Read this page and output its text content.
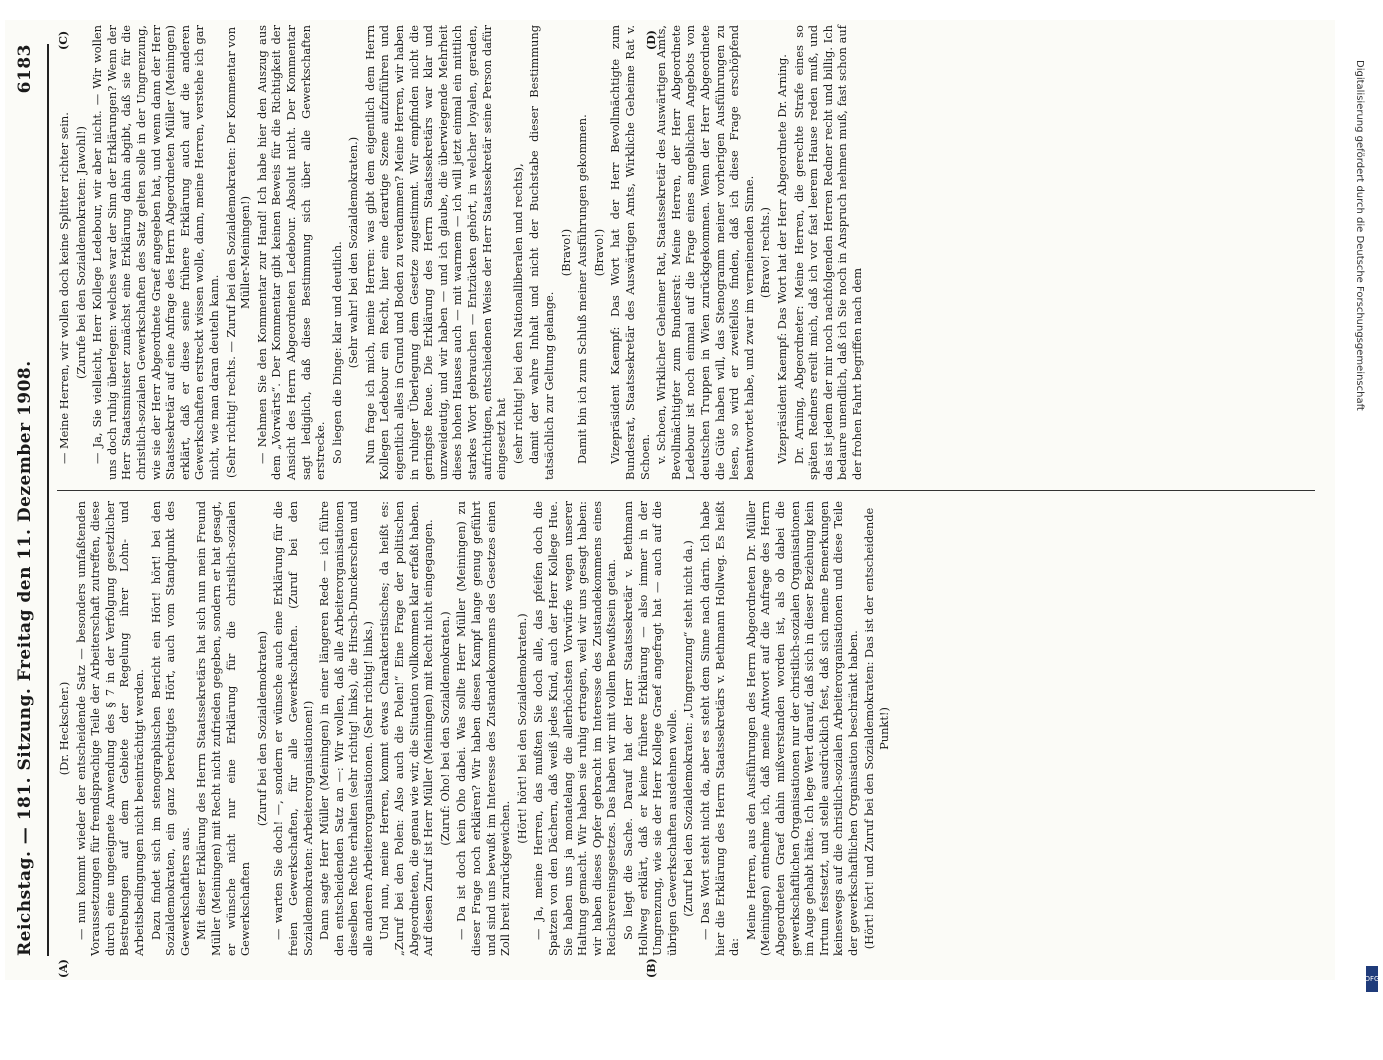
Reichstag. — 181. Sitzung. Freitag den 11. Dezember 1908.
6183

(Dr. Heckscher.) — nun kommt wieder der entscheidende Satz — besonders umfaßtenden Voraussetzungen für fremdsprachige Teile der Arbeiterschaft zutreffen, diese durch eine ungeeignete Anwendung des § 7 in der Verfolgung gesetzlicher Bestrebungen auf dem Gebiete der Regelung ihrer Lohn- und Arbeitsbedingungen nicht beeinträchtigt werden. Dazu findet sich im stenographischen Bericht ein Hört! hört! bei den Sozialdemokraten, ein ganz berechtigtes Hört, auch vom Standpunkt des Gewerkschaftlers aus. Mit dieser Erklärung des Herrn Staatssekretärs hat sich nun mein Freund Müller (Meiningen) mit Recht nicht zufrieden gegeben, sondern er hat gesagt, er wünsche nicht nur eine Erklärung für die christlich-sozialen Gewerkschaften

(Zuruf bei den Sozialdemokraten) — warten Sie doch! —, sondern er wünsche auch eine Erklärung für die freien Gewerkschaften, für alle Gewerkschaften. (Zuruf bei den Sozialdemokraten: Arbeiterorganisationen!) Dann sagte Herr Müller (Meiningen) in einer längeren Rede — ich führe den entscheidenden Satz an —: Wir wollen, daß alle Arbeiterorganisationen dieselben Rechte erhalten (sehr richtig! links), die Hirsch-Dunckerschen und alle anderen Arbeiterorganisationen. (Sehr richtig! links.) Und nun, meine Herren, kommt etwas Charakteristisches; da heißt es: „Zuruf bei den Polen: Also auch die Polen!“ Eine Frage der politischen Abgeordneten, die genau wie wir, die Situation vollkommen klar erfaßt haben. Auf diesen Zuruf ist Herr Müller (Meiningen) mit Recht nicht eingegangen. (Zuruf: Oho! bei den Sozialdemokraten.) — Da ist doch kein Oho dabei. Was sollte Herr Müller (Meiningen) zu dieser Frage noch erklären? Wir haben diesen Kampf lange genug geführt und sind uns bewußt im Interesse des Zustandekommens des Gesetzes einen Zoll breit zurückgewichen.

(Hört! hört! bei den Sozialdemokraten.) — Ja, meine Herren, das mußten Sie doch alle, das pfeifen doch die Spatzen von den Dächern, daß weiß jedes Kind, auch der Herr Kollege Hue. Sie haben uns ja monatelang die allerhöchsten Vorwürfe wegen unserer Haltung gemacht. Wir haben sie ruhig ertragen, weil wir uns gesagt haben: wir haben dieses Opfer gebracht im Interesse des Zustandekommens eines Reichsvereinsgesetzes. Das haben wir mit vollem Bewußtsein getan. So liegt die Sache. Darauf hat der Herr Staatssekretär v. Bethmann Hollweg erklärt, daß er keine frühere Erklärung — also immer in der Umgrenzung, wie sie der Herr Kollege Graef angefragt hat — auch auf die übrigen Gewerkschaften ausdehnen wolle. (Zuruf bei den Sozialdemokraten: „Umgrenzung“ steht nicht da.) — Das Wort steht nicht da, aber es steht dem Sinne nach darin. Ich habe hier die Erklärung des Herrn Staatssekretärs v. Bethmann Hollweg. Es heißt da:

Meine Herren, aus den Ausführungen des Herrn Abgeordneten Dr. Müller (Meiningen) entnehme ich, daß meine Antwort auf die Anfrage des Herrn Abgeordneten Graef dahin mißverstanden worden ist, als ob dabei die gewerkschaftlichen Organisationen nur der christlich-sozialen Organisationen im Auge gehabt hätte. Ich lege Wert darauf, daß sich in dieser Beziehung kein Irrtum festsetzt, und stelle ausdrücklich fest, daß sich meine Bemerkungen keineswegs auf die christlich-sozialen Arbeiterorganisationen und diese Teile der gewerkschaftlichen Organisation beschränkt haben. (Hört! hört! und Zuruf bei den Sozialdemokraten: Das ist der entscheidende Punkt!)

— Meine Herren, wir wollen doch keine Splitter richter sein. (Zurufe bei den Sozialdemokraten: Jawohl!) — Ja, Sie vielleicht, Herr Kollege Ledebour, wir aber nicht. — Wir wollen uns doch ruhig überlegen: welches war der Sinn der Erklärungen? Wenn der Herr Staatsminister zunächst eine Erklärung dahin abgibt, daß sie für die christlich-sozialen Gewerkschaften des Satz gelten solle in der Umgrenzung, wie sie der Herr Abgeordnete Graef angegeben hat, und wenn dann der Herr Staatssekretär auf eine Anfrage des Herrn Abgeordneten Müller (Meiningen) erklärt, daß er diese seine frühere Erklärung auch auf die anderen Gewerkschaften erstreckt wissen wolle, dann, meine Herren, verstehe ich gar nicht, wie man daran deuteln kann. (Sehr richtig! rechts. — Zuruf bei den Sozialdemokraten: Der Kommentar von Müller-Meiningen!) — Nehmen Sie den Kommentar zur Hand! Ich habe hier den Auszug aus dem „Vorwärts“. Der Kommentar gibt keinen Beweis für die Richtigkeit der Ansicht des Herrn Abgeordneten Ledebour. Absolut nicht. Der Kommentar sagt lediglich, daß diese Bestimmung sich über alle Gewerkschaften erstrecke. So liegen die Dinge: klar und deutlich. (Sehr wahr! bei den Sozialdemokraten.) Nun frage ich mich, meine Herren: was gibt dem eigentlich dem Herrn Kollegen Ledebour ein Recht, hier eine derartige Szene aufzuführen und eigentlich alles in Grund und Boden zu verdammen? Meine Herren, wir haben in ruhiger Überlegung dem Gesetze zugestimmt. Wir empfinden nicht die geringste Reue. Die Erklärung des Herrn Staatssekretärs war klar und unzweideutig, und wir haben — und ich glaube, die überwiegende Mehrheit dieses hohen Hauses auch — mit warmem — ich will jetzt einmal ein mittlich starkes Wort gebrauchen — Entzücken gehört, in welcher loyalen, geraden, aufrichtigen, entschiedenen Weise der Herr Staatssekretär seine Person dafür eingesetzt hat (sehr richtig! bei den Nationalliberalen und rechts), damit der wahre Inhalt und nicht der Buchstabe dieser Bestimmung tatsächlich zur Geltung gelange.

(Bravo!) Damit bin ich zum Schluß meiner Ausführungen gekommen. (Bravo!) Vizepräsident Kaempf: Das Wort hat der Herr Bevollmächtigte zum Bundesrat, Staatssekretär des Auswärtigen Amts, Wirkliche Geheime Rat v. Schoen. v. Schoen, Wirklicher Geheimer Rat, Staatssekretär des Auswärtigen Amts, Bevollmächtigter zum Bundesrat: Meine Herren, der Herr Abgeordnete Ledebour ist noch einmal auf die Frage eines angeblichen Angebots von deutschen Truppen in Wien zurückgekommen. Wenn der Herr Abgeordnete die Güte haben will, das Stenogramm meiner vorherigen Ausführungen zu lesen, so wird er zweifellos finden, daß ich diese Frage erschöpfend beantwortet habe, und zwar im verneinenden Sinne. (Bravo! rechts.) Vizepräsident Kaempf: Das Wort hat der Herr Abgeordnete Dr. Arning. Dr. Arning, Abgeordneter: Meine Herren, die gerechte Strafe eines so späten Redners ereilt mich, daß ich vor fast leerem Hause reden muß, und das ist jedem der mir noch nachfolgenden Herren Redner recht und billig. Ich bedaure unendlich, daß ich Sie noch in Anspruch nehmen muß, fast schon auf der frohen Fahrt begriffen nach dem

(A)	(B)
(C)	(D)
Digitalisierung gefördert durch die Deutsche Forschungsgemeinschaft
DFG
